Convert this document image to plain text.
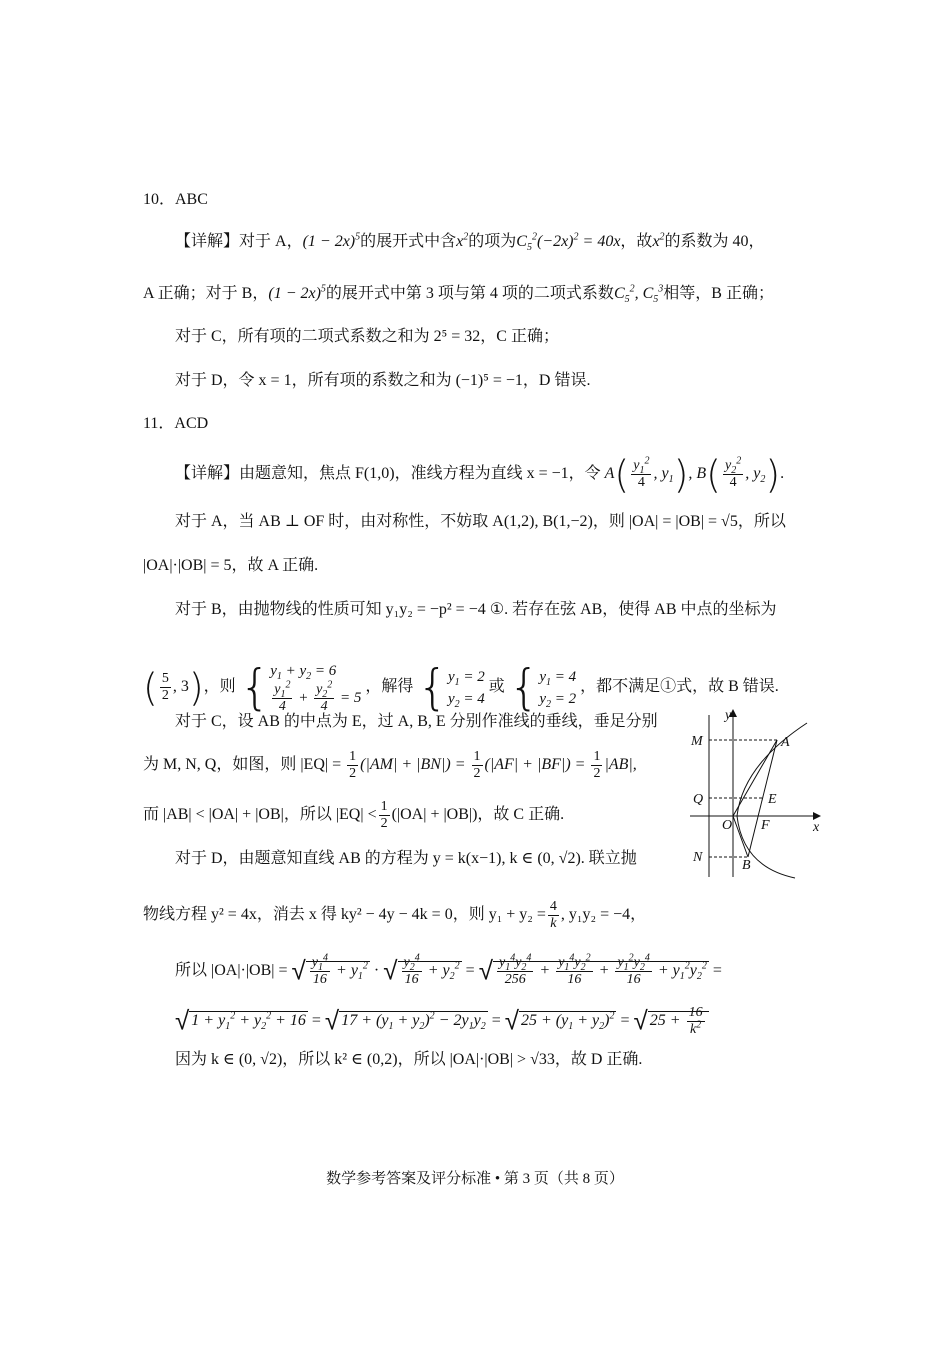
10．ABC
【详解】对于 A，$(1 - 2x)^5$的展开式中含$x^2$的项为$C_5^2(-2x)^2 = 40x$，故$x^2$的系数为 40，
A 正确；对于 B，$(1 - 2x)^5$的展开式中第 3 项与第 4 项的二项式系数$C_5^2$, $C_5^3$相等，B 正确；
对于 C，所有项的二项式系数之和为 2⁵ = 32，C 正确；
对于 D，令 x = 1，所有项的系数之和为 (−1)⁵ = −1，D 错误.
11．ACD
【详解】由题意知，焦点 F(1,0)，准线方程为直线 x = −1，令 $A( \frac{y_1^2}{4}$ , $y_1$), $B( \frac{y_2^2}{4}$ , $y_2$).
对于 A，当 AB ⊥ OF 时，由对称性，不妨取 A(1,2), B(1,−2)，则 |OA| = |OB| = √5，所以
|OA|·|OB| = 5，故 A 正确.
对于 B，由抛物线的性质可知 y₁y₂ = −p² = −4 ①. 若存在弦 AB，使得 AB 中点的坐标为
( $\frac{5}{2}$ , 3)，则 { $y_1 + y_2 = 6$
$\frac{y_1^2}{4} + \frac{y_2^2}{4} = 5$
，解得 { $y_1 = 2$
$y_2 = 4$
或 { $y_1 = 4$
$y_2 = 2$
，都不满足①式，故 B 错误.
对于 C，设 AB 的中点为 E，过 A, B, E 分别作准线的垂线，垂足分别
为 M, N, Q，如图，则 $|EQ| = \frac{1}{2} (|AM| + |BN|) = \frac{1}{2} (|AF| + |BF|) = \frac{1}{2} |AB|$,
而 |AB| < |OA| + |OB|，所以 $|EQ| < \frac{1}{2} (|OA| + |OB|)$，故 C 正确.
对于 D，由题意知直线 AB 的方程为 y = k(x−1), k ∈ (0, √2). 联立抛
物线方程 y² = 4x，消去 x 得 ky² − 4y − 4k = 0，则 $y_1 + y_2 = \frac{4}{k}$ , y₁y₂ = −4，
所以 |OA|·|OB| = √ $\frac{y_1^4}{16} + y_1^2$ · √ $\frac{y_2^4}{16} + y_2^2$ = √ $\frac{y_1^4y_2^4}{256} + \frac{y_1^4y_2^2}{16} + \frac{y_1^2y_2^4}{16} + y_1^2y_2^2$ =
√ $1 + y_1^2 + y_2^2 + 16$ = √ $17 + (y_1 + y_2)^2 - 2y_1y_2$ = √ $25 + (y_1 + y_2)^2$ = √ $25 + \frac{16}{k^2}$
因为 k ∈ (0, √2)，所以 k² ∈ (0,2)，所以 |OA|·|OB| > √33，故 D 正确.
x
y
M	A
Q	E
O F
N
B
数学参考答案及评分标准 • 第 3 页（共 8 页）
